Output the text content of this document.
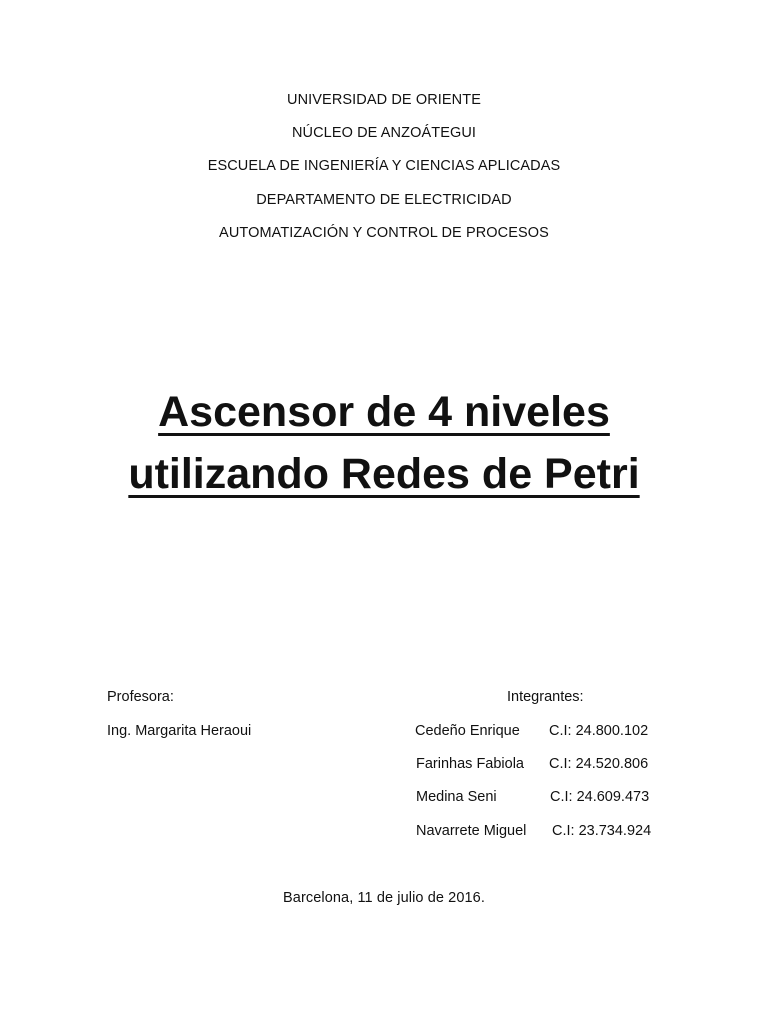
UNIVERSIDAD DE ORIENTE
NÚCLEO DE ANZOÁTEGUI
ESCUELA DE INGENIERÍA Y CIENCIAS APLICADAS
DEPARTAMENTO DE ELECTRICIDAD
AUTOMATIZACIÓN Y CONTROL DE PROCESOS
Ascensor de 4 niveles
utilizando Redes de Petri
Profesora:
Ing. Margarita Heraoui
Integrantes:
Cedeño Enrique C.I: 24.800.102
Farinhas Fabiola C.I: 24.520.806
Medina Seni	C.I: 24.609.473
Navarrete Miguel C.I: 23.734.924
Barcelona, 11 de julio de 2016.
